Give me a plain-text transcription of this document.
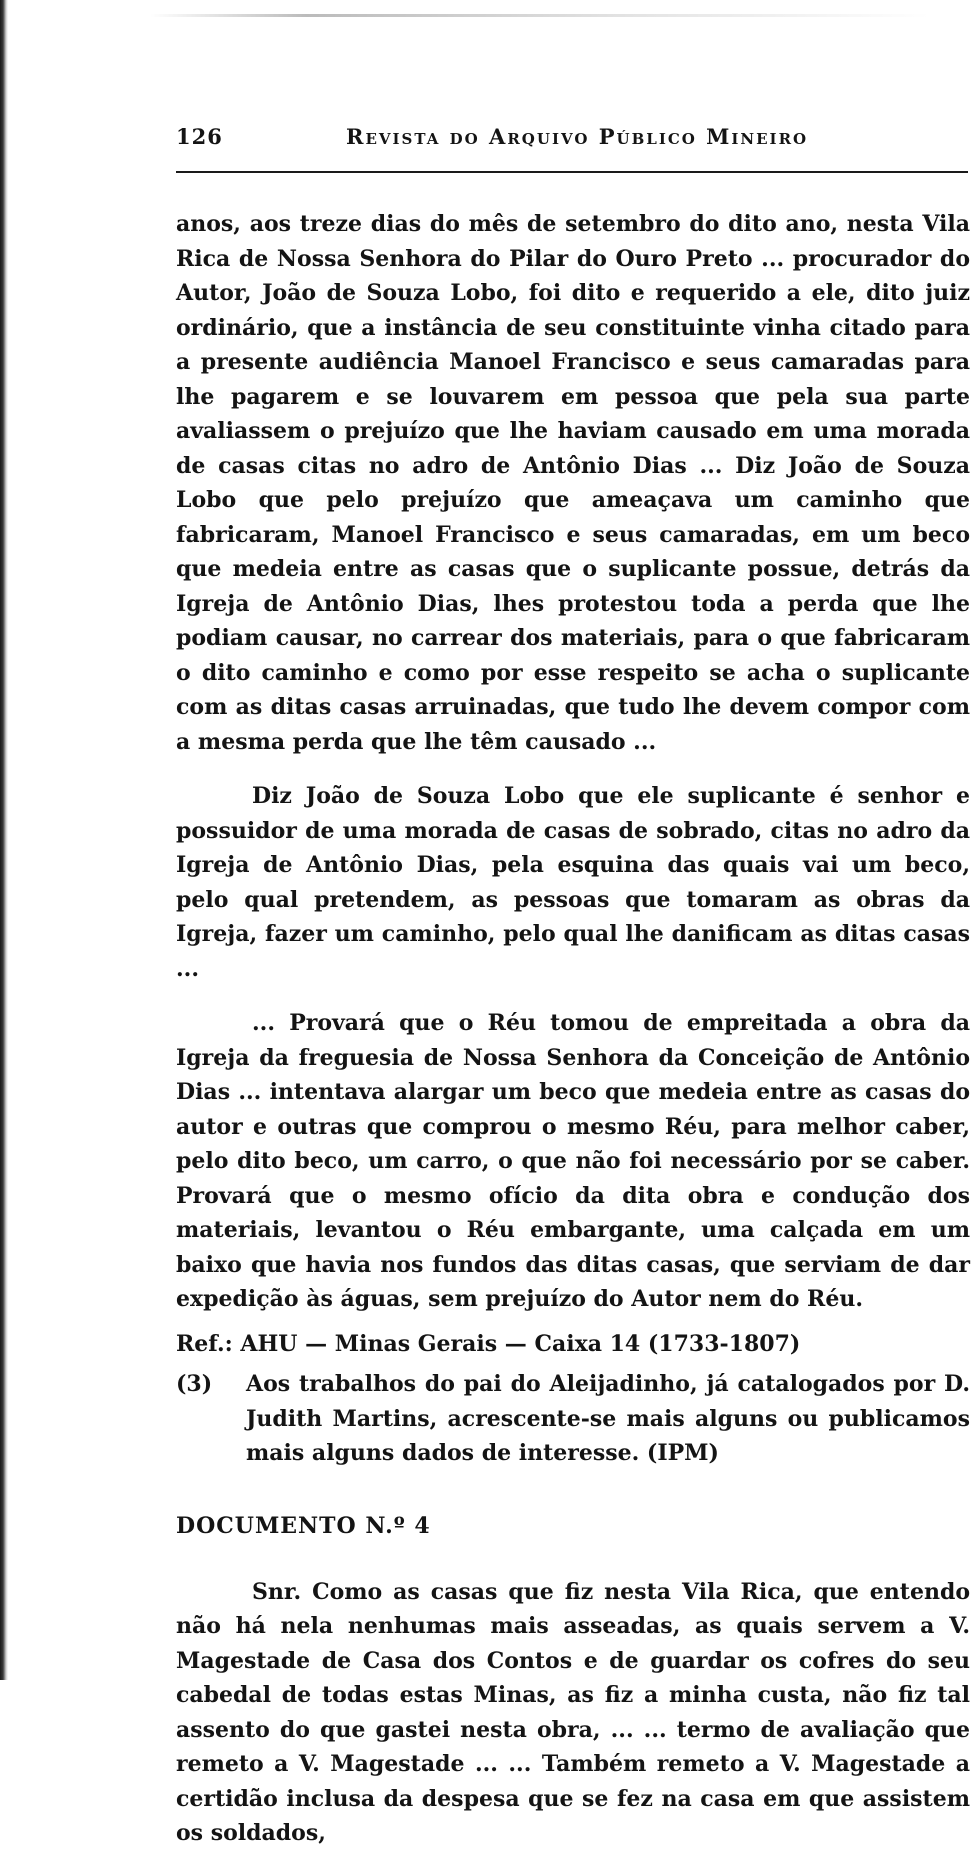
126	Revista do Arquivo Público Mineiro

anos, aos treze dias do mês de setembro do dito ano, nesta Vila Rica de Nossa Senhora do Pilar do Ouro Preto ... procurador do Autor, João de Souza Lobo, foi dito e requerido a ele, dito juiz ordinário, que a instância de seu constituinte vinha citado para a presente audiência Manoel Francisco e seus camaradas para lhe pagarem e se louvarem em pessoa que pela sua parte avaliassem o prejuízo que lhe haviam causado em uma morada de casas citas no adro de Antônio Dias ... Diz João de Souza Lobo que pelo prejuízo que ameaçava um caminho que fabricaram, Manoel Francisco e seus camaradas, em um beco que medeia entre as casas que o suplicante possue, detrás da Igreja de Antônio Dias, lhes protestou toda a perda que lhe podiam causar, no carrear dos materiais, para o que fabricaram o dito caminho e como por esse respeito se acha o suplicante com as ditas casas arruinadas, que tudo lhe devem compor com a mesma perda que lhe têm causado ...

Diz João de Souza Lobo que ele suplicante é senhor e possuidor de uma morada de casas de sobrado, citas no adro da Igreja de Antônio Dias, pela esquina das quais vai um beco, pelo qual pretendem, as pessoas que tomaram as obras da Igreja, fazer um caminho, pelo qual lhe danificam as ditas casas ...

... Provará que o Réu tomou de empreitada a obra da Igreja da freguesia de Nossa Senhora da Conceição de Antônio Dias ... intentava alargar um beco que medeia entre as casas do autor e outras que comprou o mesmo Réu, para melhor caber, pelo dito beco, um carro, o que não foi necessário por se caber. Provará que o mesmo ofício da dita obra e condução dos materiais, levantou o Réu embargante, uma calçada em um baixo que havia nos fundos das ditas casas, que serviam de dar expedição às águas, sem prejuízo do Autor nem do Réu.

Ref.: AHU — Minas Gerais — Caixa 14 (1733-1807)
(3)	Aos trabalhos do pai do Aleijadinho, já catalogados por D. Judith Martins, acrescente-se mais alguns ou publicamos mais alguns dados de interesse. (IPM)
DOCUMENTO N.º 4

Snr. Como as casas que fiz nesta Vila Rica, que entendo não há nela nenhumas mais asseadas, as quais servem a V. Magestade de Casa dos Contos e de guardar os cofres do seu cabedal de todas estas Minas, as fiz a minha custa, não fiz tal assento do que gastei nesta obra, ... ... termo de avaliação que remeto a V. Magestade ... ... Também remeto a V. Magestade a certidão inclusa da despesa que se fez na casa em que assistem os soldados,
